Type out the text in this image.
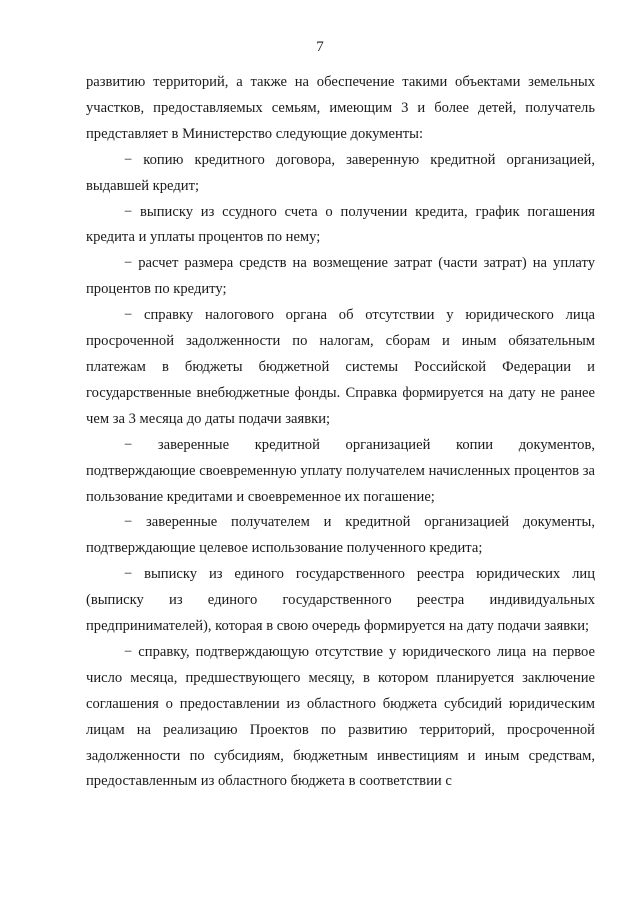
7

развитию территорий, а также на обеспечение такими объектами земельных участков, предоставляемых семьям, имеющим 3 и более детей, получатель представляет в Министерство следующие документы:

− копию кредитного договора, заверенную кредитной организацией, выдавшей кредит;

− выписку из ссудного счета о получении кредита, график погашения кредита и уплаты процентов по нему;

− расчет размера средств на возмещение затрат (части затрат) на уплату процентов по кредиту;

− справку налогового органа об отсутствии у юридического лица просроченной задолженности по налогам, сборам и иным обязательным платежам в бюджеты бюджетной системы Российской Федерации и государственные внебюджетные фонды. Справка формируется на дату не ранее чем за 3 месяца до даты подачи заявки;

− заверенные кредитной организацией копии документов, подтверждающие своевременную уплату получателем начисленных процентов за пользование кредитами и своевременное их погашение;

− заверенные получателем и кредитной организацией документы, подтверждающие целевое использование полученного кредита;

− выписку из единого государственного реестра юридических лиц (выписку из единого государственного реестра индивидуальных предпринимателей), которая в свою очередь формируется на дату подачи заявки;

− справку, подтверждающую отсутствие у юридического лица на первое число месяца, предшествующего месяцу, в котором планируется заключение соглашения о предоставлении из областного бюджета субсидий юридическим лицам на реализацию Проектов по развитию территорий, просроченной задолженности по субсидиям, бюджетным инвестициям и иным средствам, предоставленным из областного бюджета в соответствии с
